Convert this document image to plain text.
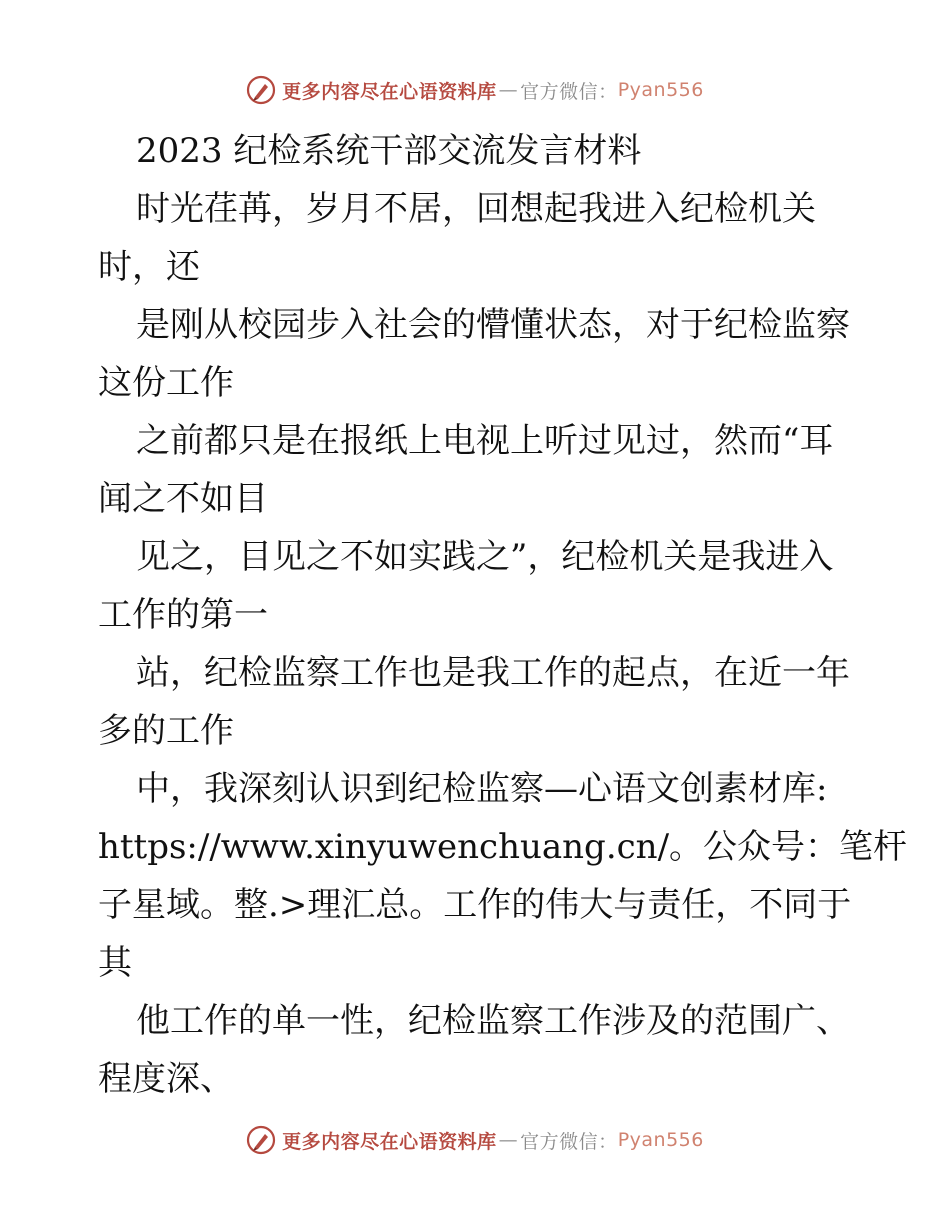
更多内容尽在心语资料库 — 官方微信： Pyan556

2023 纪检系统干部交流发言材料

时光荏苒，岁月不居，回想起我进入纪检机关

时，还

是刚从校园步入社会的懵懂状态，对于纪检监察

这份工作

之前都只是在报纸上电视上听过见过，然而“耳

闻之不如目

见之，目见之不如实践之”，纪检机关是我进入

工作的第一

站，纪检监察工作也是我工作的起点，在近一年

多的工作

中，我深刻认识到纪检监察—心语文创素材库:

https://www.xinyuwenchuang.cn/。公众号：笔杆

子星域。整.>理汇总。工作的伟大与责任，不同于

其

他工作的单一性，纪检监察工作涉及的范围广、

程度深、

更多内容尽在心语资料库 — 官方微信： Pyan556
